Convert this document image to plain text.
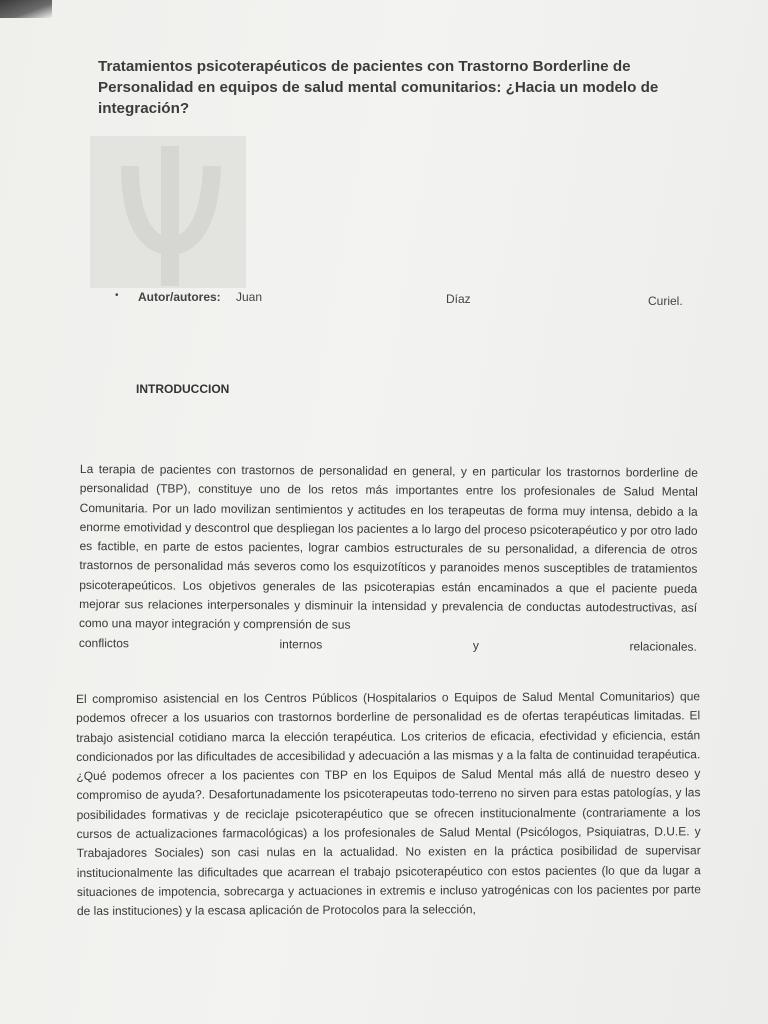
Tratamientos psicoterapéuticos de pacientes con Trastorno Borderline de Personalidad en equipos de salud mental comunitarios: ¿Hacia un modelo de integración?
• Autor/autores: Juan	Díaz	Curiel.
INTRODUCCION
La terapia de pacientes con trastornos de personalidad en general, y en particular los trastornos borderline de personalidad (TBP), constituye uno de los retos más importantes entre los profesionales de Salud Mental Comunitaria. Por un lado movilizan sentimientos y actitudes en los terapeutas de forma muy intensa, debido a la enorme emotividad y descontrol que despliegan los pacientes a lo largo del proceso psicoterapéutico y por otro lado es factible, en parte de estos pacientes, lograr cambios estructurales de su personalidad, a diferencia de otros trastornos de personalidad más severos como los esquizotíticos y paranoides menos susceptibles de tratamientos psicoterapeúticos. Los objetivos generales de las psicoterapias están encaminados a que el paciente pueda mejorar sus relaciones interpersonales y disminuir la intensidad y prevalencia de conductas autodestructivas, así como una mayor integración y comprensión de sus
conflictos	internos	y	relacionales.

El compromiso asistencial en los Centros Públicos (Hospitalarios o Equipos de Salud Mental Comunitarios) que podemos ofrecer a los usuarios con trastornos borderline de personalidad es de ofertas terapéuticas limitadas. El trabajo asistencial cotidiano marca la elección terapéutica. Los criterios de eficacia, efectividad y eficiencia, están condicionados por las dificultades de accesibilidad y adecuación a las mismas y a la falta de continuidad terapéutica. ¿Qué podemos ofrecer a los pacientes con TBP en los Equipos de Salud Mental más allá de nuestro deseo y compromiso de ayuda?. Desafortunadamente los psicoterapeutas todo-terreno no sirven para estas patologías, y las posibilidades formativas y de reciclaje psicoterapéutico que se ofrecen institucionalmente (contrariamente a los cursos de actualizaciones farmacológicas) a los profesionales de Salud Mental (Psicólogos, Psiquiatras, D.U.E. y Trabajadores Sociales) son casi nulas en la actualidad. No existen en la práctica posibilidad de supervisar institucionalmente las dificultades que acarrean el trabajo psicoterapéutico con estos pacientes (lo que da lugar a situaciones de impotencia, sobrecarga y actuaciones in extremis e incluso yatrogénicas con los pacientes por parte de las instituciones) y la escasa aplicación de Protocolos para la selección,
